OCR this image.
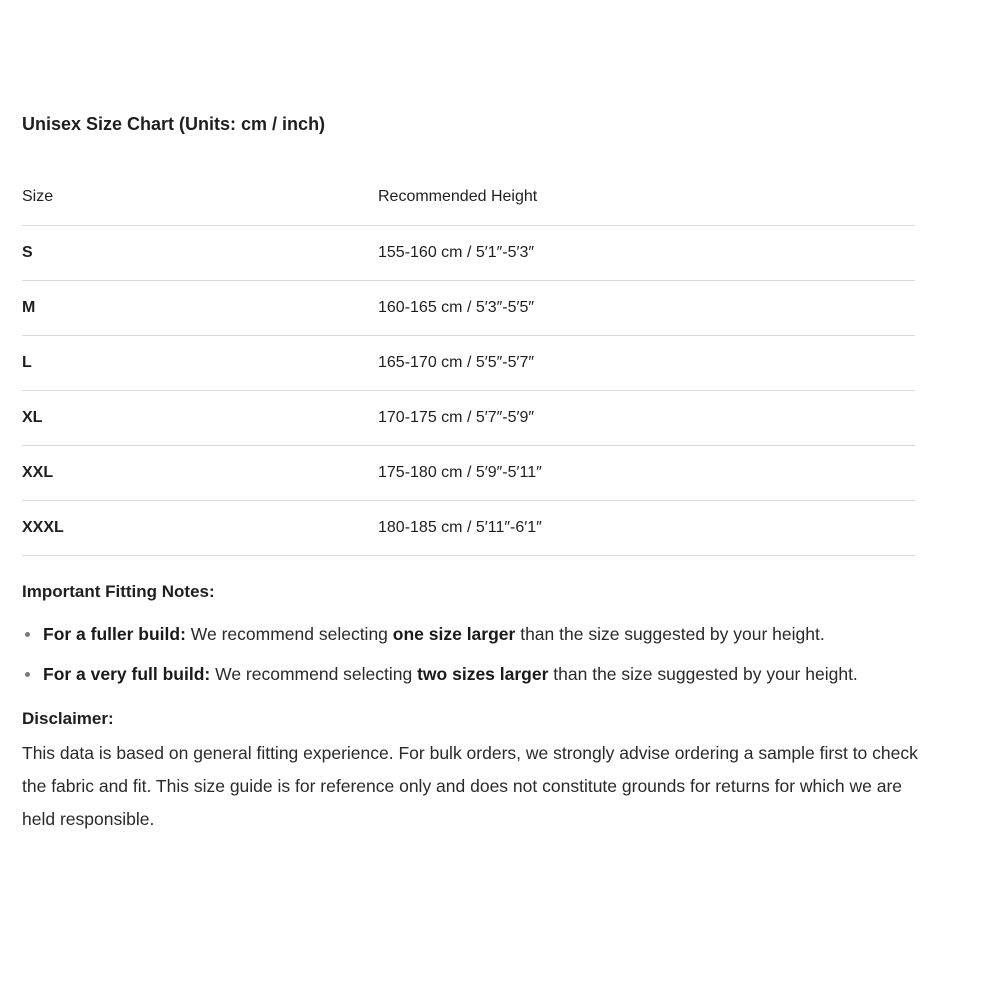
Unisex Size Chart (Units: cm / inch)
Size	Recommended Height
S	155-160 cm / 5′1″-5′3″
M	160-165 cm / 5′3″-5′5″
L	165-170 cm / 5′5″-5′7″
XL	170-175 cm / 5′7″-5′9″
XXL	175-180 cm / 5′9″-5′11″
XXXL	180-185 cm / 5′11″-6′1″
Important Fitting Notes:
For a fuller build: We recommend selecting one size larger than the size suggested by your height.
For a very full build: We recommend selecting two sizes larger than the size suggested by your height.
Disclaimer:

This data is based on general fitting experience. For bulk orders, we strongly advise ordering a sample first to check the fabric and fit. This size guide is for reference only and does not constitute grounds for returns for which we are held responsible.
